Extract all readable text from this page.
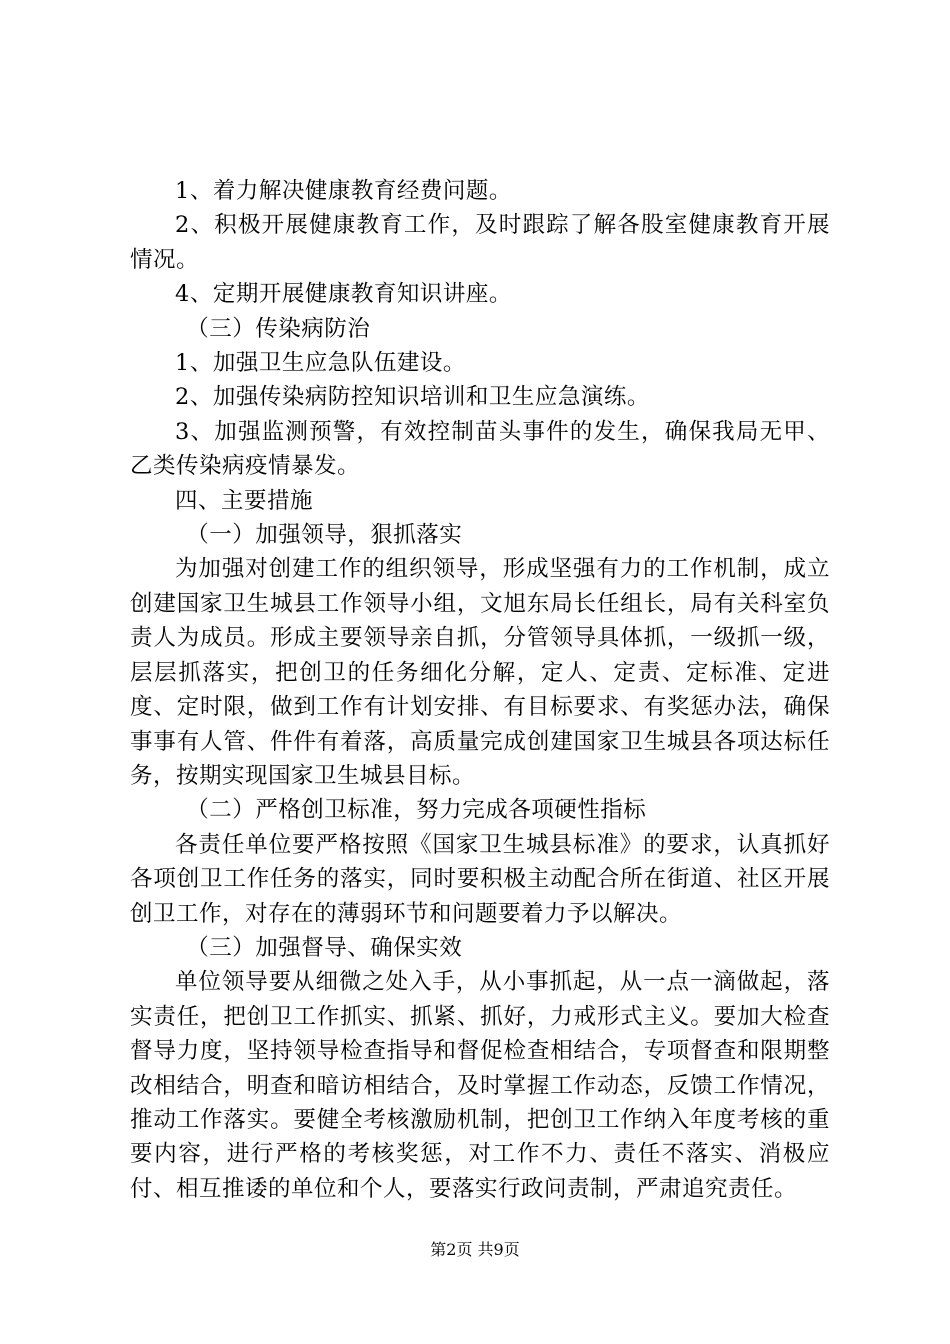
1、着力解决健康教育经费问题。

2、积极开展健康教育工作，及时跟踪了解各股室健康教育开展情况。

4、定期开展健康教育知识讲座。

（三）传染病防治

1、加强卫生应急队伍建设。

2、加强传染病防控知识培训和卫生应急演练。

3、加强监测预警，有效控制苗头事件的发生，确保我局无甲、乙类传染病疫情暴发。

四、主要措施

（一）加强领导，狠抓落实

为加强对创建工作的组织领导，形成坚强有力的工作机制，成立创建国家卫生城县工作领导小组，文旭东局长任组长，局有关科室负责人为成员。形成主要领导亲自抓，分管领导具体抓，一级抓一级，层层抓落实，把创卫的任务细化分解，定人、定责、定标准、定进度、定时限，做到工作有计划安排、有目标要求、有奖惩办法，确保事事有人管、件件有着落，高质量完成创建国家卫生城县各项达标任务，按期实现国家卫生城县目标。

（二）严格创卫标准，努力完成各项硬性指标

各责任单位要严格按照《国家卫生城县标准》的要求，认真抓好各项创卫工作任务的落实，同时要积极主动配合所在街道、社区开展创卫工作，对存在的薄弱环节和问题要着力予以解决。

（三）加强督导、确保实效

单位领导要从细微之处入手，从小事抓起，从一点一滴做起，落实责任，把创卫工作抓实、抓紧、抓好，力戒形式主义。要加大检查督导力度，坚持领导检查指导和督促检查相结合，专项督查和限期整改相结合，明查和暗访相结合，及时掌握工作动态，反馈工作情况，推动工作落实。要健全考核激励机制，把创卫工作纳入年度考核的重要内容，进行严格的考核奖惩，对工作不力、责任不落实、消极应付、相互推诿的单位和个人，要落实行政问责制，严肃追究责任。

第2页 共9页
